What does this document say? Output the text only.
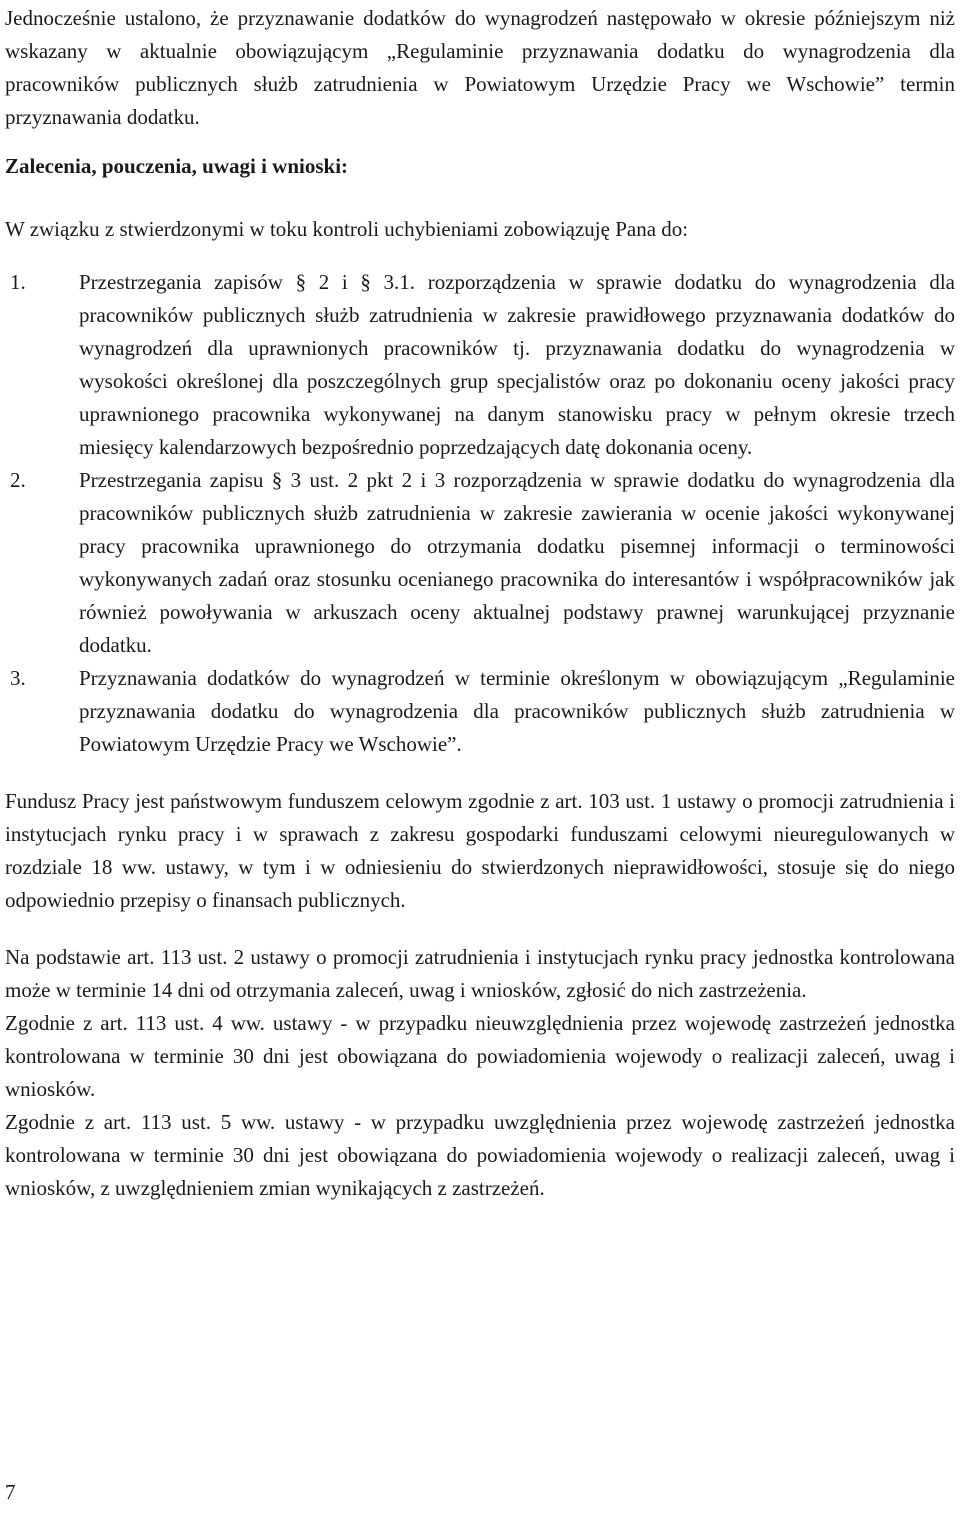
Jednocześnie ustalono, że przyznawanie dodatków do wynagrodzeń następowało w okresie późniejszym niż wskazany w aktualnie obowiązującym „Regulaminie przyznawania dodatku do wynagrodzenia dla pracowników publicznych służb zatrudnienia w Powiatowym Urzędzie Pracy we Wschowie” termin przyznawania dodatku.

Zalecenia, pouczenia, uwagi i wnioski:

W związku z stwierdzonymi w toku kontroli uchybieniami zobowiązuję Pana do:

1.	Przestrzegania zapisów § 2 i § 3.1. rozporządzenia w sprawie dodatku do wynagrodzenia dla pracowników publicznych służb zatrudnienia w zakresie prawidłowego przyznawania dodatków do wynagrodzeń dla uprawnionych pracowników tj. przyznawania dodatku do wynagrodzenia w wysokości określonej dla poszczególnych grup specjalistów oraz po dokonaniu oceny jakości pracy uprawnionego pracownika wykonywanej na danym stanowisku pracy w pełnym okresie trzech miesięcy kalendarzowych bezpośrednio poprzedzających datę dokonania oceny.
2.	Przestrzegania zapisu § 3 ust. 2 pkt 2 i 3 rozporządzenia w sprawie dodatku do wynagrodzenia dla pracowników publicznych służb zatrudnienia w zakresie zawierania w ocenie jakości wykonywanej pracy pracownika uprawnionego do otrzymania dodatku pisemnej informacji o terminowości wykonywanych zadań oraz stosunku ocenianego pracownika do interesantów i współpracowników jak również powoływania w arkuszach oceny aktualnej podstawy prawnej warunkującej przyznanie dodatku.
3.	Przyznawania dodatków do wynagrodzeń w terminie określonym w obowiązującym „Regulaminie przyznawania dodatku do wynagrodzenia dla pracowników publicznych służb zatrudnienia w Powiatowym Urzędzie Pracy we Wschowie”.

Fundusz Pracy jest państwowym funduszem celowym zgodnie z art. 103 ust. 1 ustawy o promocji zatrudnienia i instytucjach rynku pracy i w sprawach z zakresu gospodarki funduszami celowymi nieuregulowanych w rozdziale 18 ww. ustawy, w tym i w odniesieniu do stwierdzonych nieprawidłowości, stosuje się do niego odpowiednio przepisy o finansach publicznych.

Na podstawie art. 113 ust. 2 ustawy o promocji zatrudnienia i instytucjach rynku pracy jednostka kontrolowana może w terminie 14 dni od otrzymania zaleceń, uwag i wniosków, zgłosić do nich zastrzeżenia.

Zgodnie z art. 113 ust. 4 ww. ustawy - w przypadku nieuwzględnienia przez wojewodę zastrzeżeń jednostka kontrolowana w terminie 30 dni jest obowiązana do powiadomienia wojewody o realizacji zaleceń, uwag i wniosków.

Zgodnie z art. 113 ust. 5 ww. ustawy - w przypadku uwzględnienia przez wojewodę zastrzeżeń jednostka kontrolowana w terminie 30 dni jest obowiązana do powiadomienia wojewody o realizacji zaleceń, uwag i wniosków, z uwzględnieniem zmian wynikających z zastrzeżeń.

7
